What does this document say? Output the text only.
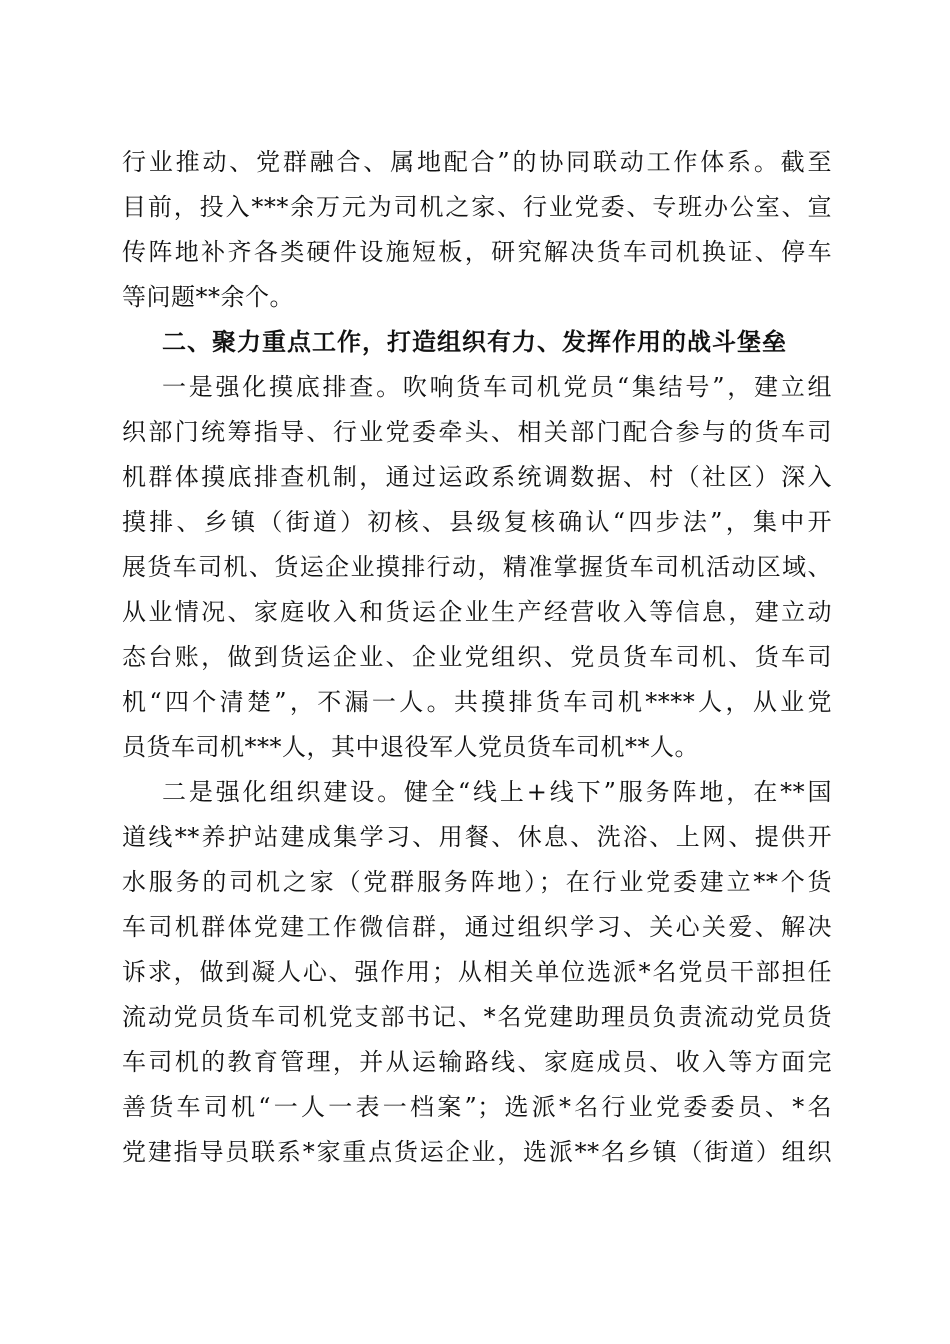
行业推动、党群融合、属地配合”的协同联动工作体系。截至
目前，投入***余万元为司机之家、行业党委、专班办公室、宣
传阵地补齐各类硬件设施短板，研究解决货车司机换证、停车
等问题**余个。
二、聚力重点工作，打造组织有力、发挥作用的战斗堡垒
一是强化摸底排查。吹响货车司机党员“集结号”，建立组
织部门统筹指导、行业党委牵头、相关部门配合参与的货车司
机群体摸底排查机制，通过运政系统调数据、村（社区）深入
摸排、乡镇（街道）初核、县级复核确认“四步法”，集中开
展货车司机、货运企业摸排行动，精准掌握货车司机活动区域、
从业情况、家庭收入和货运企业生产经营收入等信息，建立动
态台账，做到货运企业、企业党组织、党员货车司机、货车司
机“四个清楚”，不漏一人。共摸排货车司机****人，从业党
员货车司机***人，其中退役军人党员货车司机**人。
二是强化组织建设。健全“线上+线下”服务阵地，在**国
道线**养护站建成集学习、用餐、休息、洗浴、上网、提供开
水服务的司机之家（党群服务阵地）；在行业党委建立**个货
车司机群体党建工作微信群，通过组织学习、关心关爱、解决
诉求，做到凝人心、强作用；从相关单位选派*名党员干部担任
流动党员货车司机党支部书记、*名党建助理员负责流动党员货
车司机的教育管理，并从运输路线、家庭成员、收入等方面完
善货车司机“一人一表一档案”；选派*名行业党委委员、*名
党建指导员联系*家重点货运企业，选派**名乡镇（街道）组织
